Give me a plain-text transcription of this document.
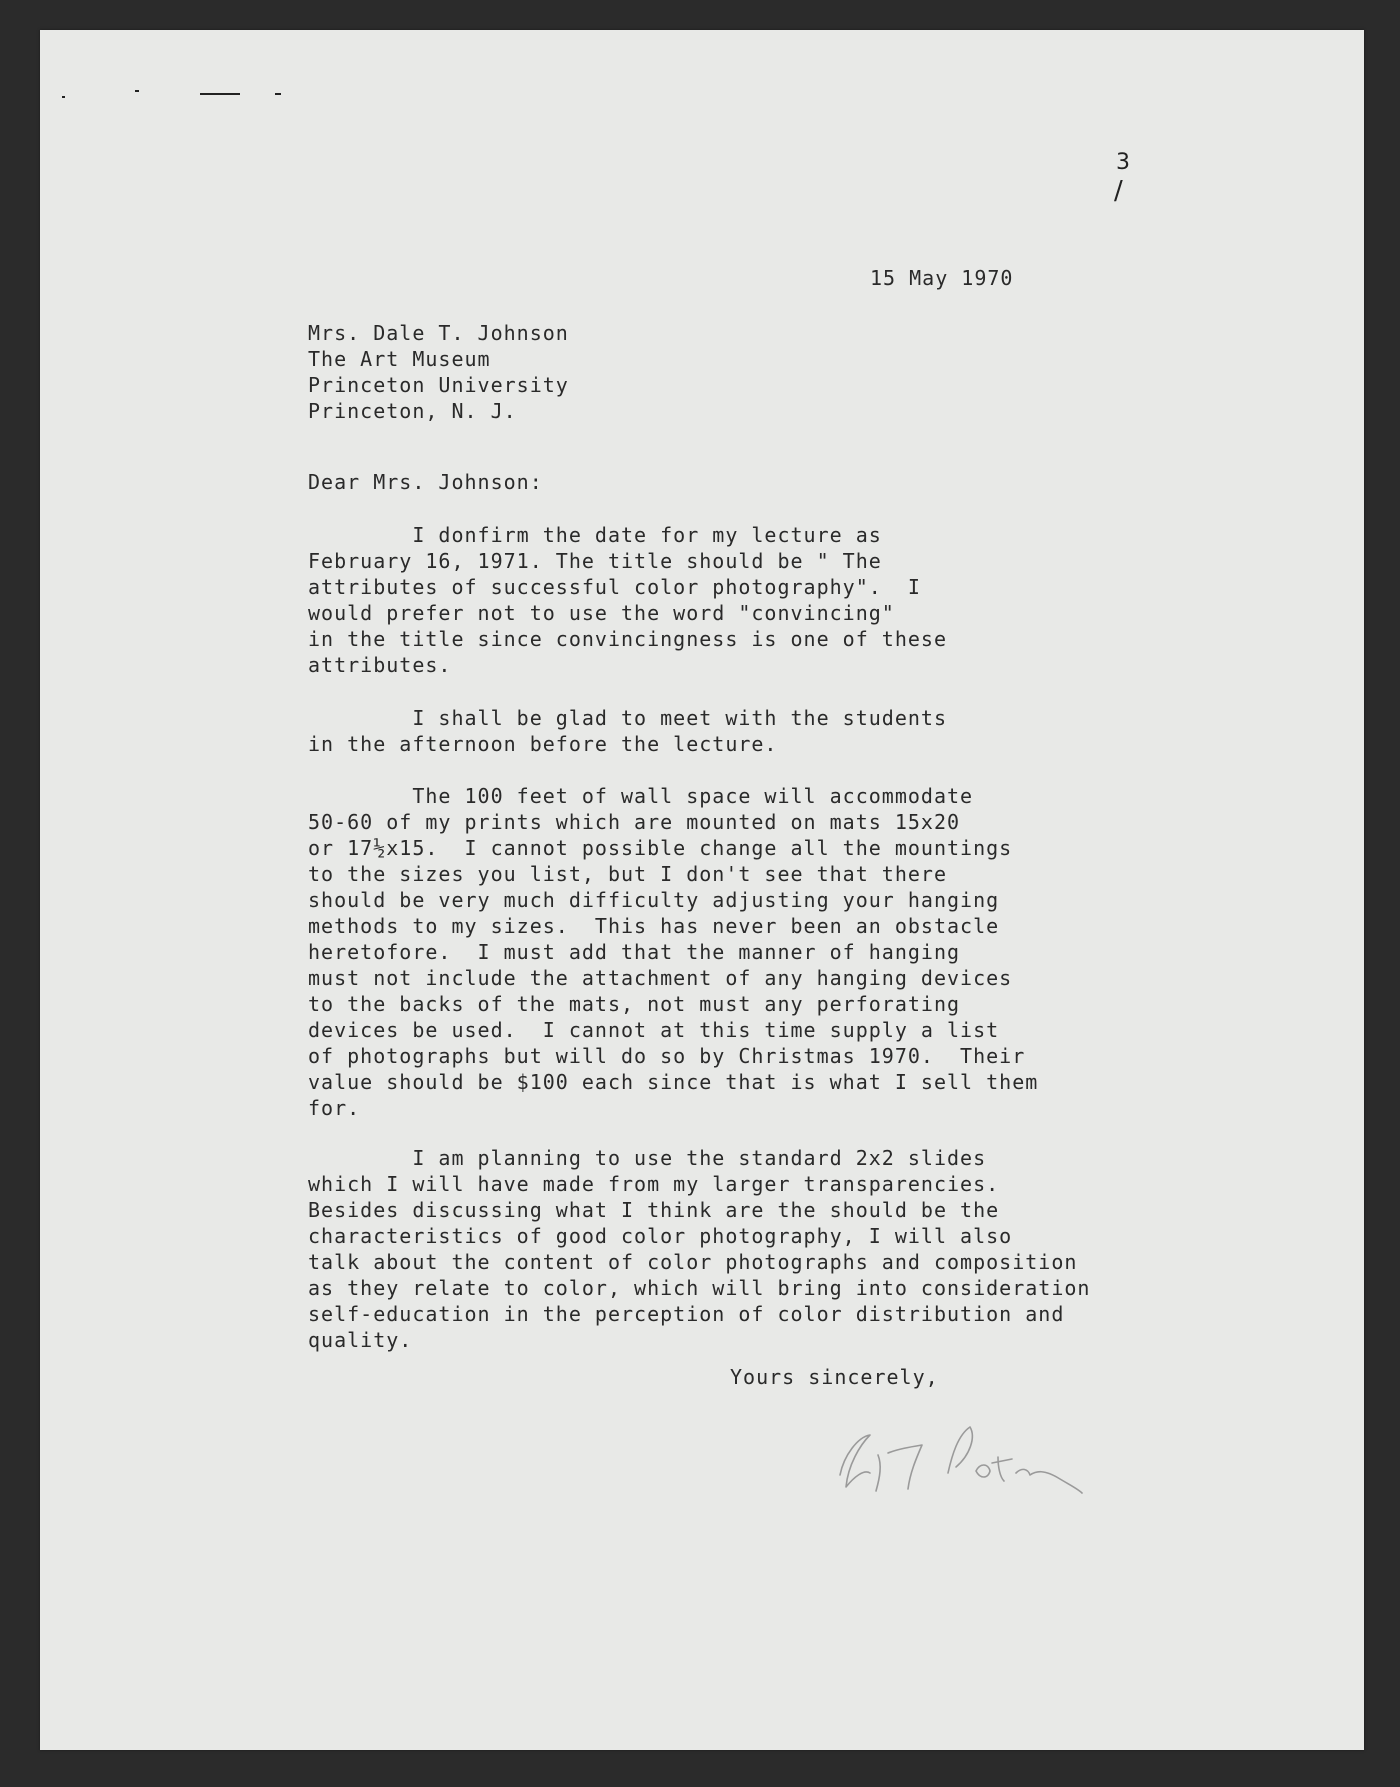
3
/
15 May 1970
Mrs. Dale T. Johnson
The Art Museum
Princeton University
Princeton, N. J.
Dear Mrs. Johnson:
I donfirm the date for my lecture as
February 16, 1971. The title should be " The
attributes of successful color photography".  I
would prefer not to use the word "convincing"
in the title since convincingness is one of these
attributes.
I shall be glad to meet with the students
in the afternoon before the lecture.
The 100 feet of wall space will accommodate
50-60 of my prints which are mounted on mats 15x20
or 17½x15.  I cannot possible change all the mountings
to the sizes you list, but I don't see that there
should be very much difficulty adjusting your hanging
methods to my sizes.  This has never been an obstacle
heretofore.  I must add that the manner of hanging
must not include the attachment of any hanging devices
to the backs of the mats, not must any perforating
devices be used.  I cannot at this time supply a list
of photographs but will do so by Christmas 1970.  Their
value should be $100 each since that is what I sell them
for.
I am planning to use the standard 2x2 slides
which I will have made from my larger transparencies.
Besides discussing what I think are the should be the
characteristics of good color photography, I will also
talk about the content of color photographs and composition
as they relate to color, which will bring into consideration
self-education in the perception of color distribution and
quality.
Yours sincerely,
